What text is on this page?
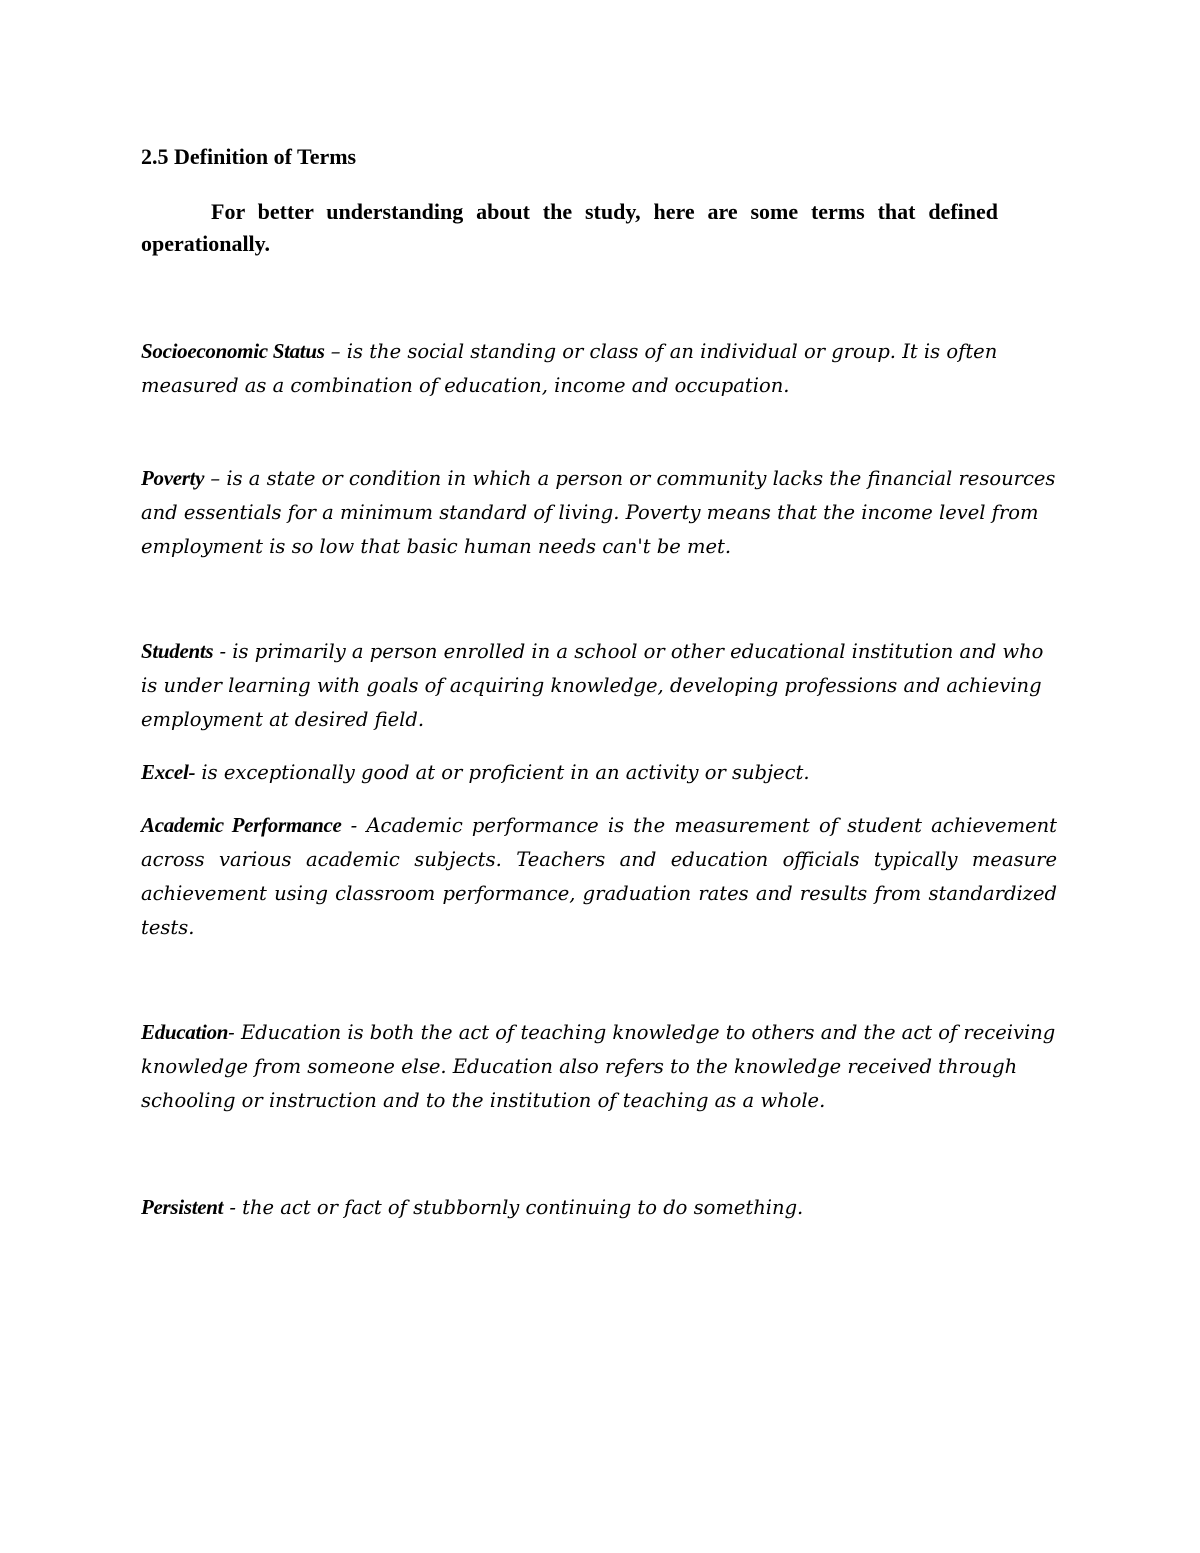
2.5 Definition of Terms

For better understanding about the study, here are some terms that defined operationally.

Socioeconomic Status – is the social standing or class of an individual or group. It is often measured as a combination of education, income and occupation.

Poverty – is a state or condition in which a person or community lacks the financial resources and essentials for a minimum standard of living. Poverty means that the income level from employment is so low that basic human needs can't be met.

Students - is primarily a person enrolled in a school or other educational institution and who is under learning with goals of acquiring knowledge, developing professions and achieving employment at desired field.

Excel- is exceptionally good at or proficient in an activity or subject.

Academic Performance - Academic performance is the measurement of student achievement across various academic subjects. Teachers and education officials typically measure achievement using classroom performance, graduation rates and results from standardized tests.

Education- Education is both the act of teaching knowledge to others and the act of receiving knowledge from someone else. Education also refers to the knowledge received through schooling or instruction and to the institution of teaching as a whole.

Persistent - the act or fact of stubbornly continuing to do something.
